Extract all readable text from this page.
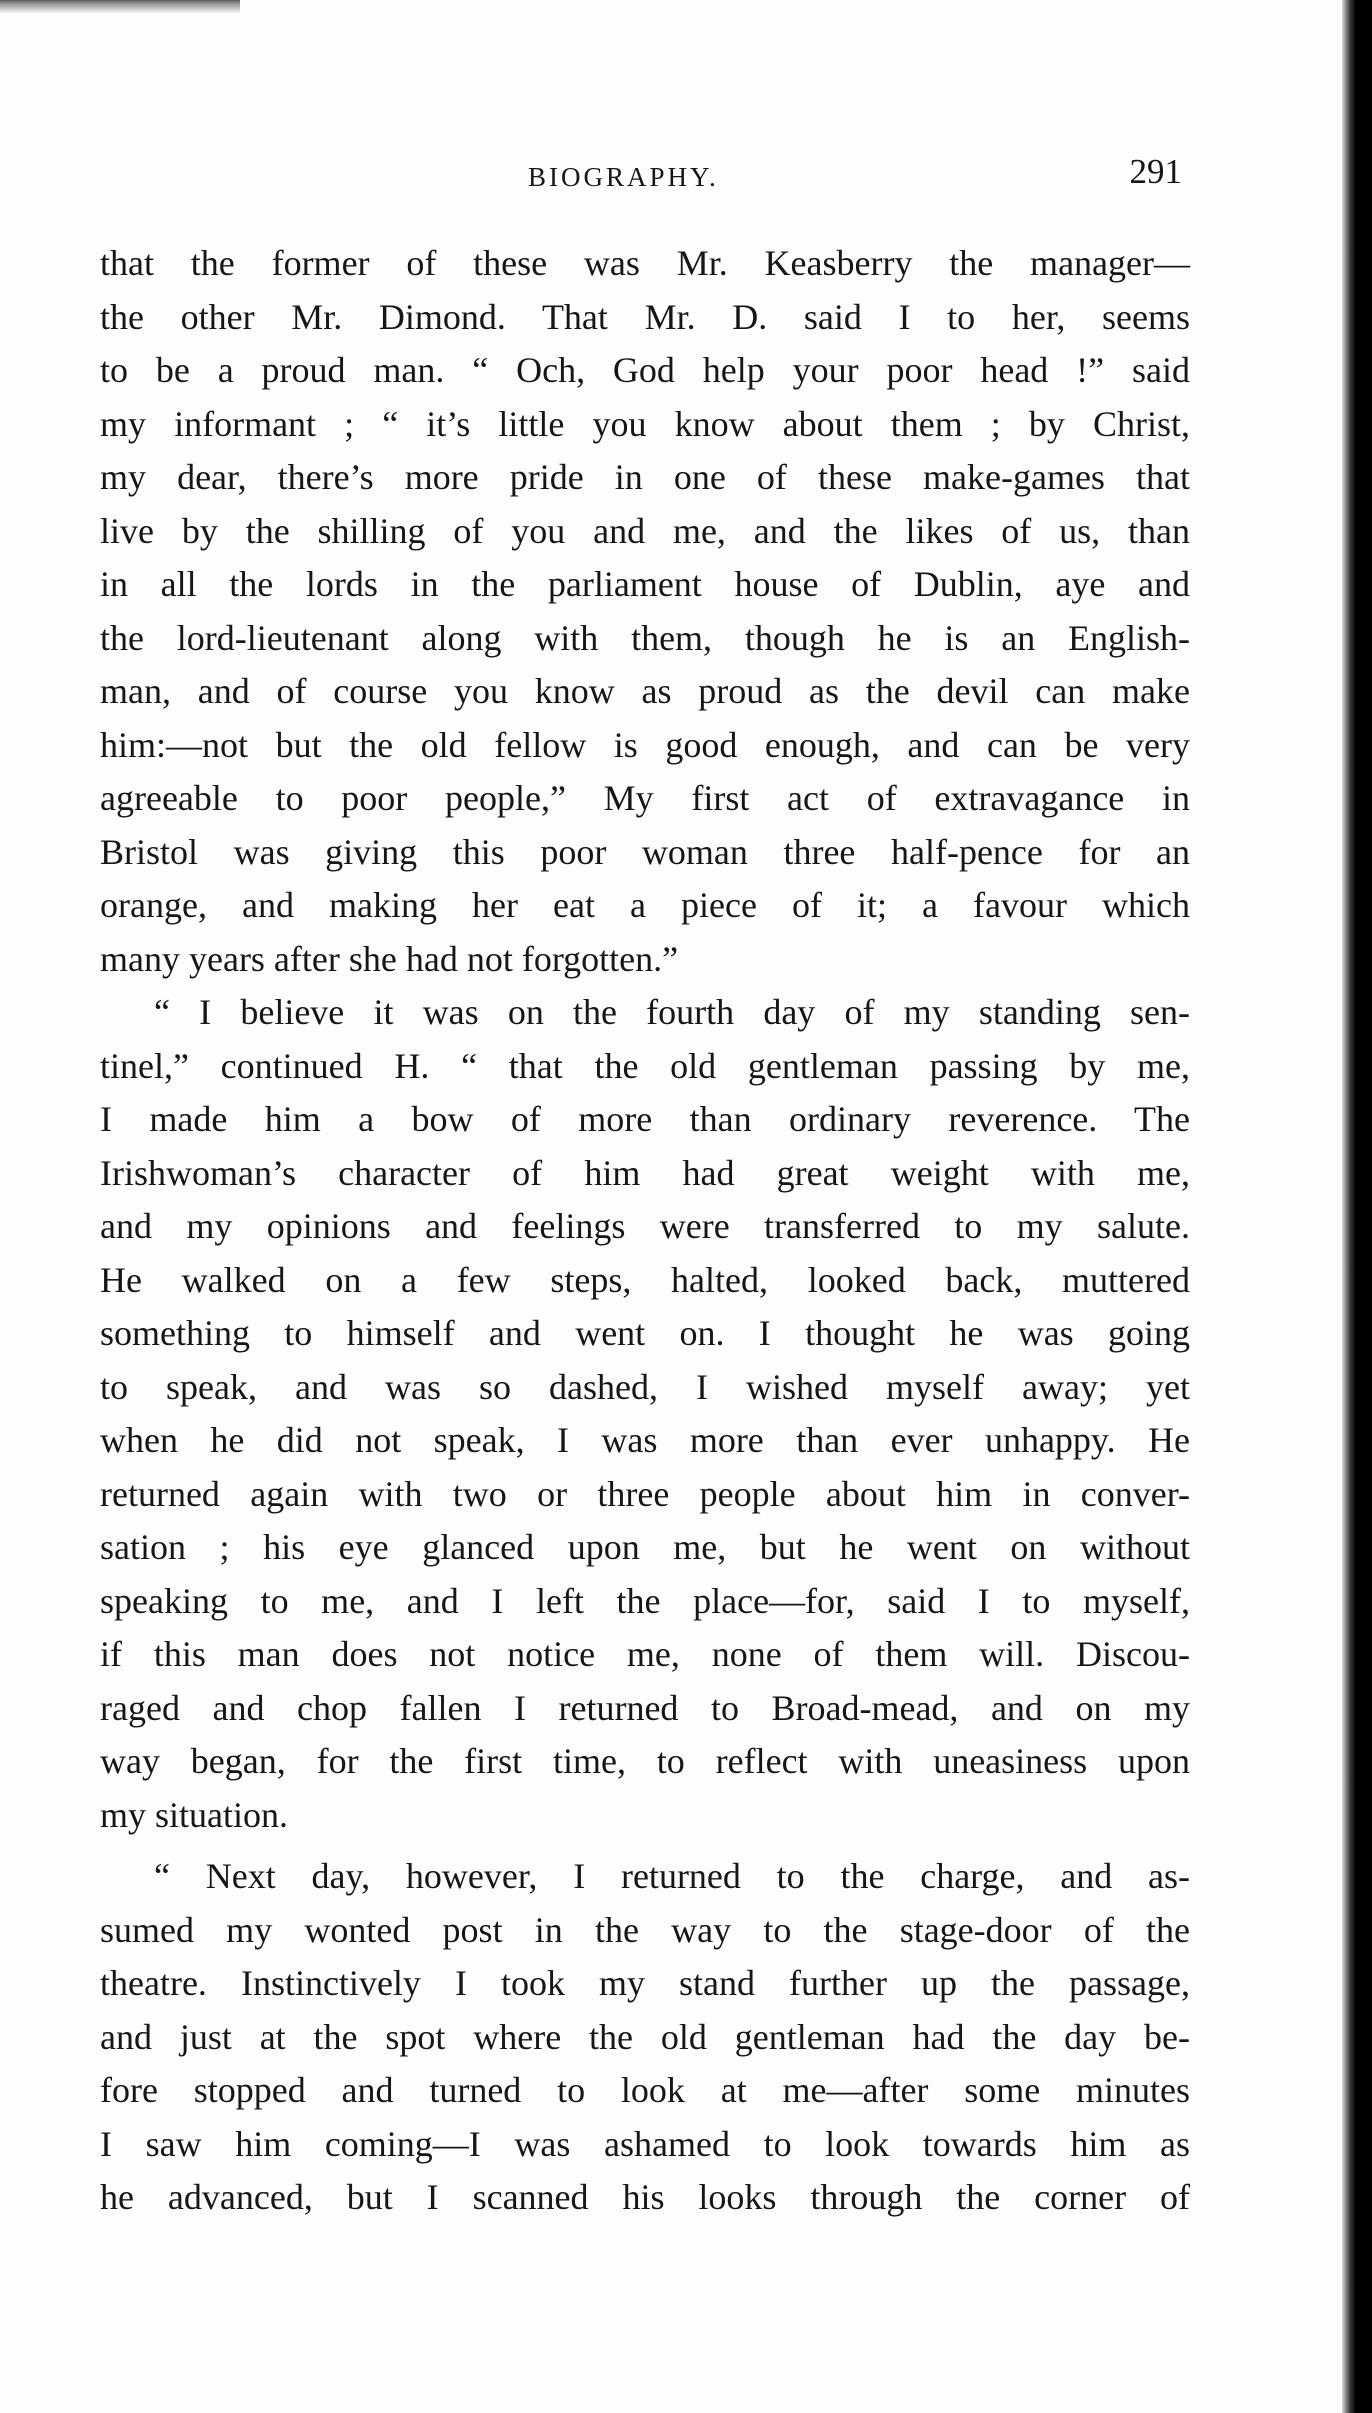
BIOGRAPHY.	291
that the former of these was Mr. Keasberry the manager—
the other Mr. Dimond. That Mr. D. said I to her, seems
to be a proud man. “ Och, God help your poor head !” said
my informant ; “ it’s little you know about them ; by Christ,
my dear, there’s more pride in one of these make-games that
live by the shilling of you and me, and the likes of us, than
in all the lords in the parliament house of Dublin, aye and
the lord-lieutenant along with them, though he is an English-
man, and of course you know as proud as the devil can make
him:—not but the old fellow is good enough, and can be very
agreeable to poor people,” My first act of extravagance in
Bristol was giving this poor woman three half-pence for an
orange, and making her eat a piece of it; a favour which
many years after she had not forgotten.”
“ I believe it was on the fourth day of my standing sen-
tinel,” continued H. “ that the old gentleman passing by me,
I made him a bow of more than ordinary reverence. The
Irishwoman’s character of him had great weight with me,
and my opinions and feelings were transferred to my salute.
He walked on a few steps, halted, looked back, muttered
something to himself and went on. I thought he was going
to speak, and was so dashed, I wished myself away; yet
when he did not speak, I was more than ever unhappy. He
returned again with two or three people about him in conver-
sation ; his eye glanced upon me, but he went on without
speaking to me, and I left the place—for, said I to myself,
if this man does not notice me, none of them will. Discou-
raged and chop fallen I returned to Broad-mead, and on my
way began, for the first time, to reflect with uneasiness upon
my situation.
“ Next day, however, I returned to the charge, and as-
sumed my wonted post in the way to the stage-door of the
theatre. Instinctively I took my stand further up the passage,
and just at the spot where the old gentleman had the day be-
fore stopped and turned to look at me—after some minutes
I saw him coming—I was ashamed to look towards him as
he advanced, but I scanned his looks through the corner of
